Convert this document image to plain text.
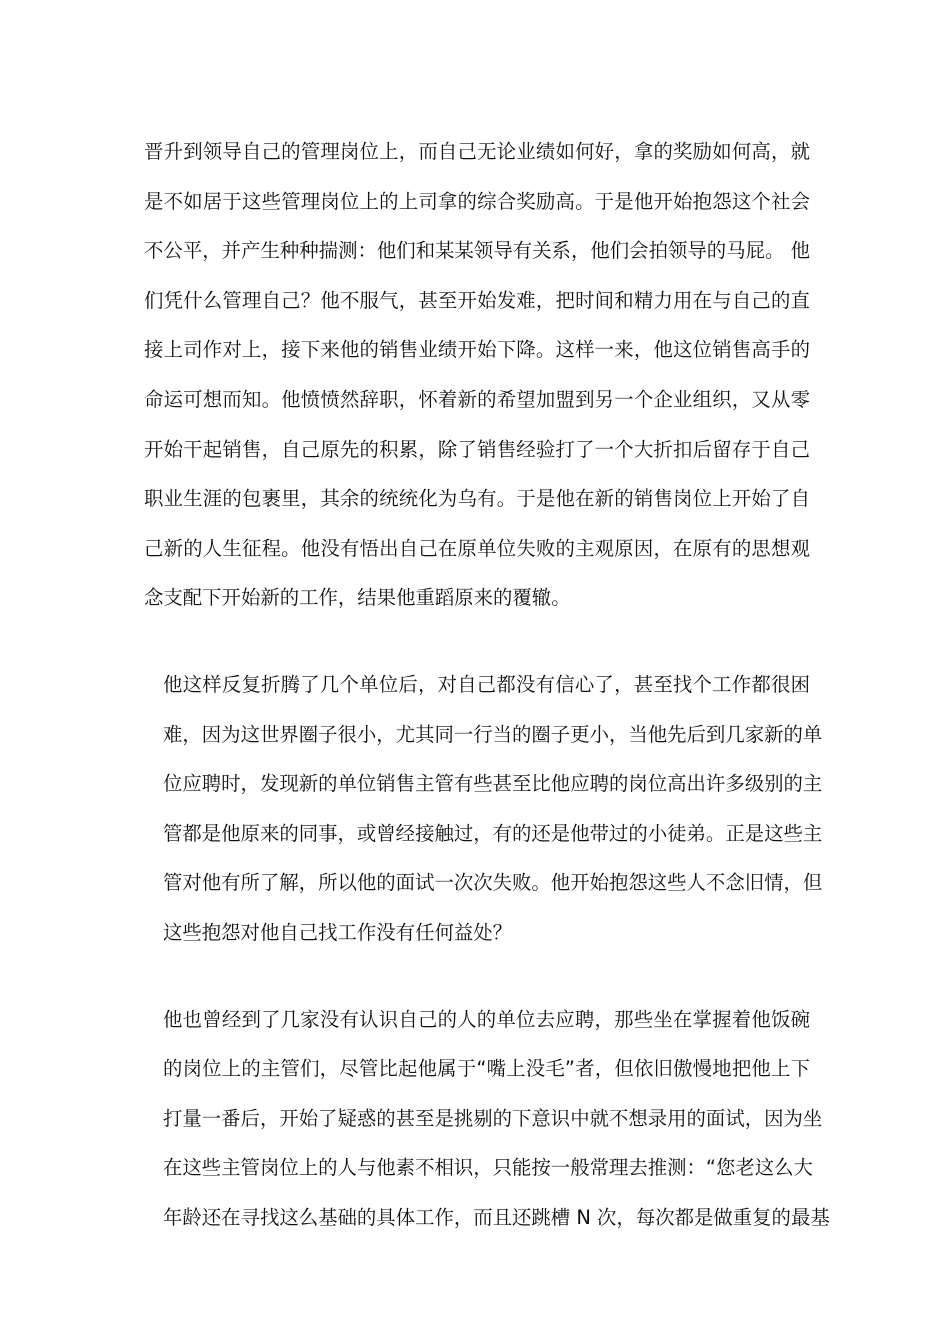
晋升到领导自己的管理岗位上，而自己无论业绩如何好，拿的奖励如何高，就
是不如居于这些管理岗位上的上司拿的综合奖励高。于是他开始抱怨这个社会
不公平，并产生种种揣测：他们和某某领导有关系，他们会拍领导的马屁。 他
们凭什么管理自己？他不服气，甚至开始发难，把时间和精力用在与自己的直
接上司作对上，接下来他的销售业绩开始下降。这样一来，他这位销售高手的
命运可想而知。他愤愤然辞职，怀着新的希望加盟到另一个企业组织，又从零
开始干起销售，自己原先的积累，除了销售经验打了一个大折扣后留存于自己
职业生涯的包裹里，其余的统统化为乌有。于是他在新的销售岗位上开始了自
己新的人生征程。他没有悟出自己在原单位失败的主观原因，在原有的思想观
念支配下开始新的工作，结果他重蹈原来的覆辙。

他这样反复折腾了几个单位后，对自己都没有信心了，甚至找个工作都很困
难，因为这世界圈子很小，尤其同一行当的圈子更小，当他先后到几家新的单
位应聘时，发现新的单位销售主管有些甚至比他应聘的岗位高出许多级别的主
管都是他原来的同事，或曾经接触过，有的还是他带过的小徒弟。正是这些主
管对他有所了解，所以他的面试一次次失败。他开始抱怨这些人不念旧情，但
这些抱怨对他自己找工作没有任何益处？

他也曾经到了几家没有认识自己的人的单位去应聘，那些坐在掌握着他饭碗
的岗位上的主管们，尽管比起他属于“嘴上没毛”者，但依旧傲慢地把他上下
打量一番后，开始了疑惑的甚至是挑剔的下意识中就不想录用的面试，因为坐
在这些主管岗位上的人与他素不相识，只能按一般常理去推测：“您老这么大
年龄还在寻找这么基础的具体工作，而且还跳槽 N 次，每次都是做重复的最基
